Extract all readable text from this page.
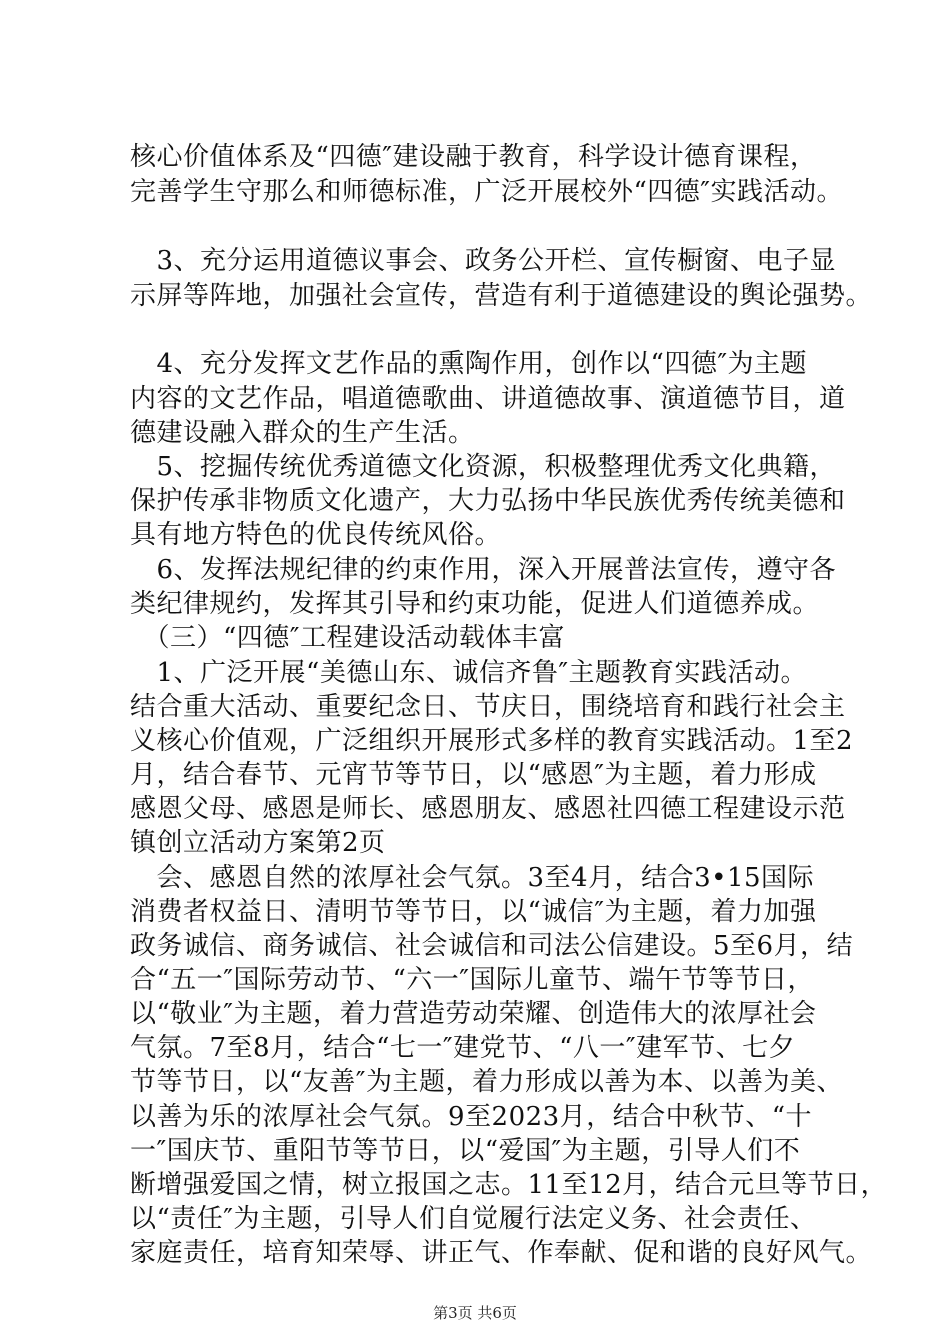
核心价值体系及“四德″建设融于教育，科学设计德育课程，
完善学生守那么和师德标准，广泛开展校外“四德″实践活动。
　3、充分运用道德议事会、政务公开栏、宣传橱窗、电子显
示屏等阵地，加强社会宣传，营造有利于道德建设的舆论强势。
　4、充分发挥文艺作品的熏陶作用，创作以“四德″为主题
内容的文艺作品，唱道德歌曲、讲道德故事、演道德节目，道
德建设融入群众的生产生活。
　5、挖掘传统优秀道德文化资源，积极整理优秀文化典籍，
保护传承非物质文化遗产，大力弘扬中华民族优秀传统美德和
具有地方特色的优良传统风俗。
　6、发挥法规纪律的约束作用，深入开展普法宣传，遵守各
类纪律规约，发挥其引导和约束功能，促进人们道德养成。
　（三）“四德″工程建设活动载体丰富
　1、广泛开展“美德山东、诚信齐鲁″主题教育实践活动。
结合重大活动、重要纪念日、节庆日，围绕培育和践行社会主
义核心价值观，广泛组织开展形式多样的教育实践活动。1至2
月，结合春节、元宵节等节日，以“感恩″为主题，着力形成
感恩父母、感恩是师长、感恩朋友、感恩社四德工程建设示范
镇创立活动方案第2页
　会、感恩自然的浓厚社会气氛。3至4月，结合3•15国际
消费者权益日、清明节等节日，以“诚信″为主题，着力加强
政务诚信、商务诚信、社会诚信和司法公信建设。5至6月，结
合“五一″国际劳动节、“六一″国际儿童节、端午节等节日，
以“敬业″为主题，着力营造劳动荣耀、创造伟大的浓厚社会
气氛。7至8月，结合“七一″建党节、“八一″建军节、七夕
节等节日，以“友善″为主题，着力形成以善为本、以善为美、
以善为乐的浓厚社会气氛。9至2023月，结合中秋节、“十
一″国庆节、重阳节等节日，以“爱国″为主题，引导人们不
断增强爱国之情，树立报国之志。11至12月，结合元旦等节日，
以“责任″为主题，引导人们自觉履行法定义务、社会责任、
家庭责任，培育知荣辱、讲正气、作奉献、促和谐的良好风气。
第3页 共6页
